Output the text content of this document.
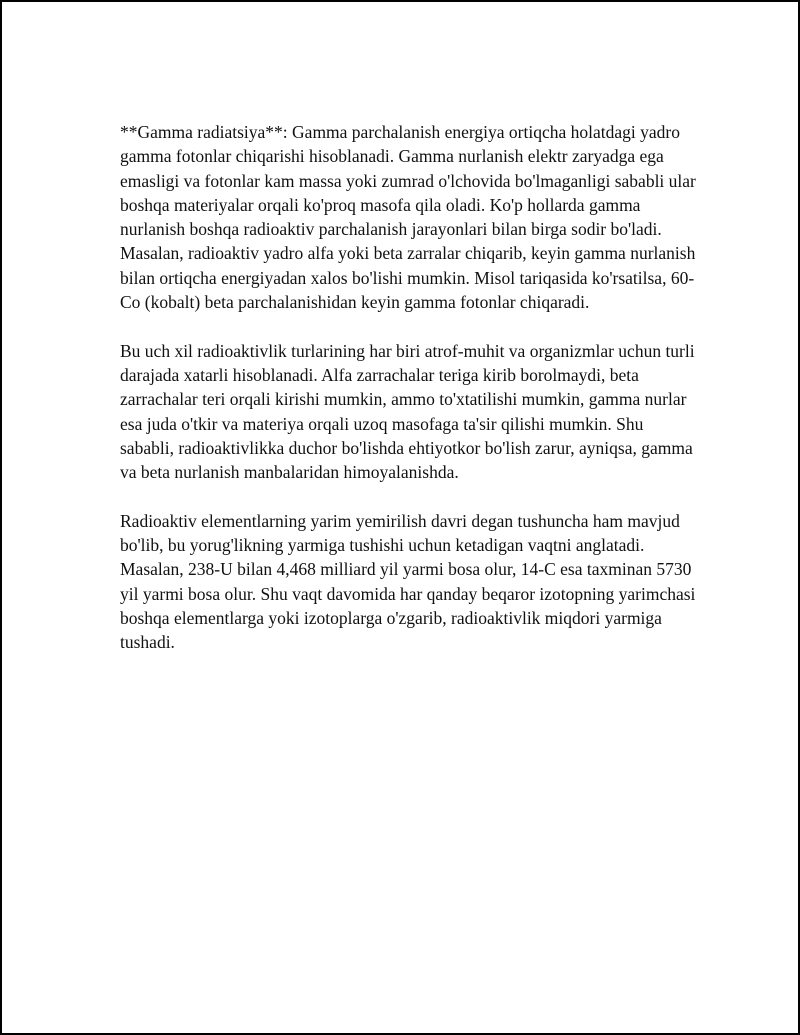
**Gamma radiatsiya**: Gamma parchalanish energiya ortiqcha holatdagi yadro gamma fotonlar chiqarishi hisoblanadi. Gamma nurlanish elektr zaryadga ega emasligi va fotonlar kam massa yoki zumrad o'lchovida bo'lmaganligi sababli ular boshqa materiyalar orqali ko'proq masofa qila oladi. Ko'p hollarda gamma nurlanish boshqa radioaktiv parchalanish jarayonlari bilan birga sodir bo'ladi. Masalan, radioaktiv yadro alfa yoki beta zarralar chiqarib, keyin gamma nurlanish bilan ortiqcha energiyadan xalos bo'lishi mumkin. Misol tariqasida ko'rsatilsa, 60-Co (kobalt) beta parchalanishidan keyin gamma fotonlar chiqaradi.

Bu uch xil radioaktivlik turlarining har biri atrof-muhit va organizmlar uchun turli darajada xatarli hisoblanadi. Alfa zarrachalar teriga kirib borolmaydi, beta zarrachalar teri orqali kirishi mumkin, ammo to'xtatilishi mumkin, gamma nurlar esa juda o'tkir va materiya orqali uzoq masofaga ta'sir qilishi mumkin. Shu sababli, radioaktivlikka duchor bo'lishda ehtiyotkor bo'lish zarur, ayniqsa, gamma va beta nurlanish manbalaridan himoyalanishda.

Radioaktiv elementlarning yarim yemirilish davri degan tushuncha ham mavjud bo'lib, bu yorug'likning yarmiga tushishi uchun ketadigan vaqtni anglatadi. Masalan, 238-U bilan 4,468 milliard yil yarmi bosa olur, 14-C esa taxminan 5730 yil yarmi bosa olur. Shu vaqt davomida har qanday beqaror izotopning yarimchasi boshqa elementlarga yoki izotoplarga o'zgarib, radioaktivlik miqdori yarmiga tushadi.
